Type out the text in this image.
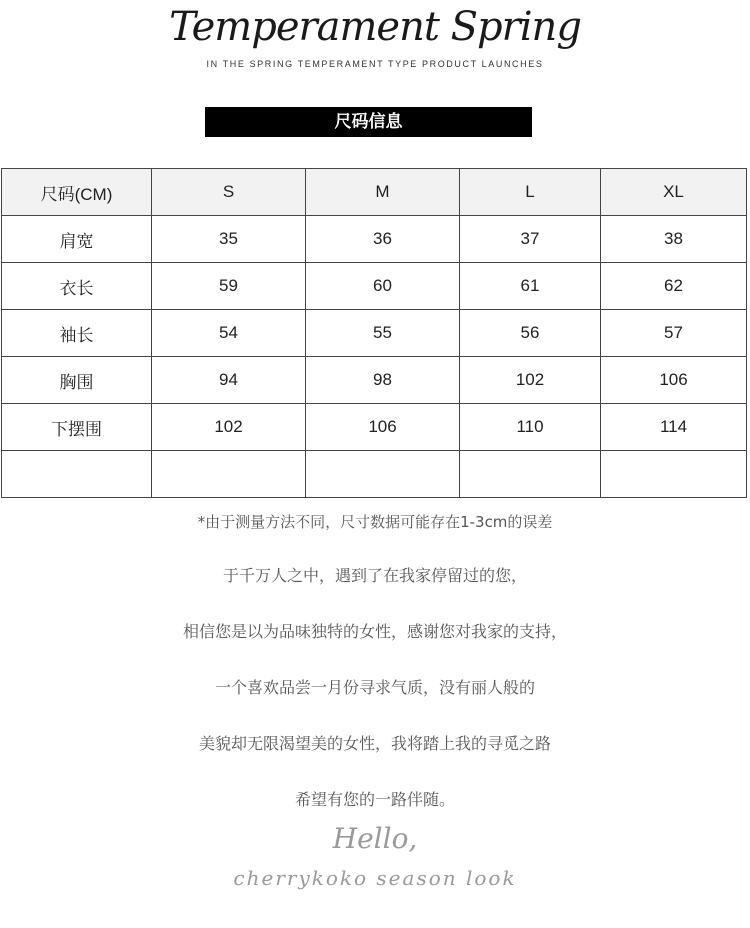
Temperament Spring
IN THE SPRING TEMPERAMENT TYPE PRODUCT LAUNCHES
尺码信息
尺码(CM)	S	M	L	XL
肩宽	35	36	37	38
衣长	59	60	61	62
袖长	54	55	56	57
胸围	94	98	102	106
下摆围	102	106	110	114

*由于测量方法不同，尺寸数据可能存在1-3cm的误差
于千万人之中，遇到了在我家停留过的您，
相信您是以为品味独特的女性，感谢您对我家的支持，
一个喜欢品尝一月份寻求气质，没有丽人般的
美貌却无限渴望美的女性，我将踏上我的寻觅之路
希望有您的一路伴随。
Hello,
cherrykoko season look
